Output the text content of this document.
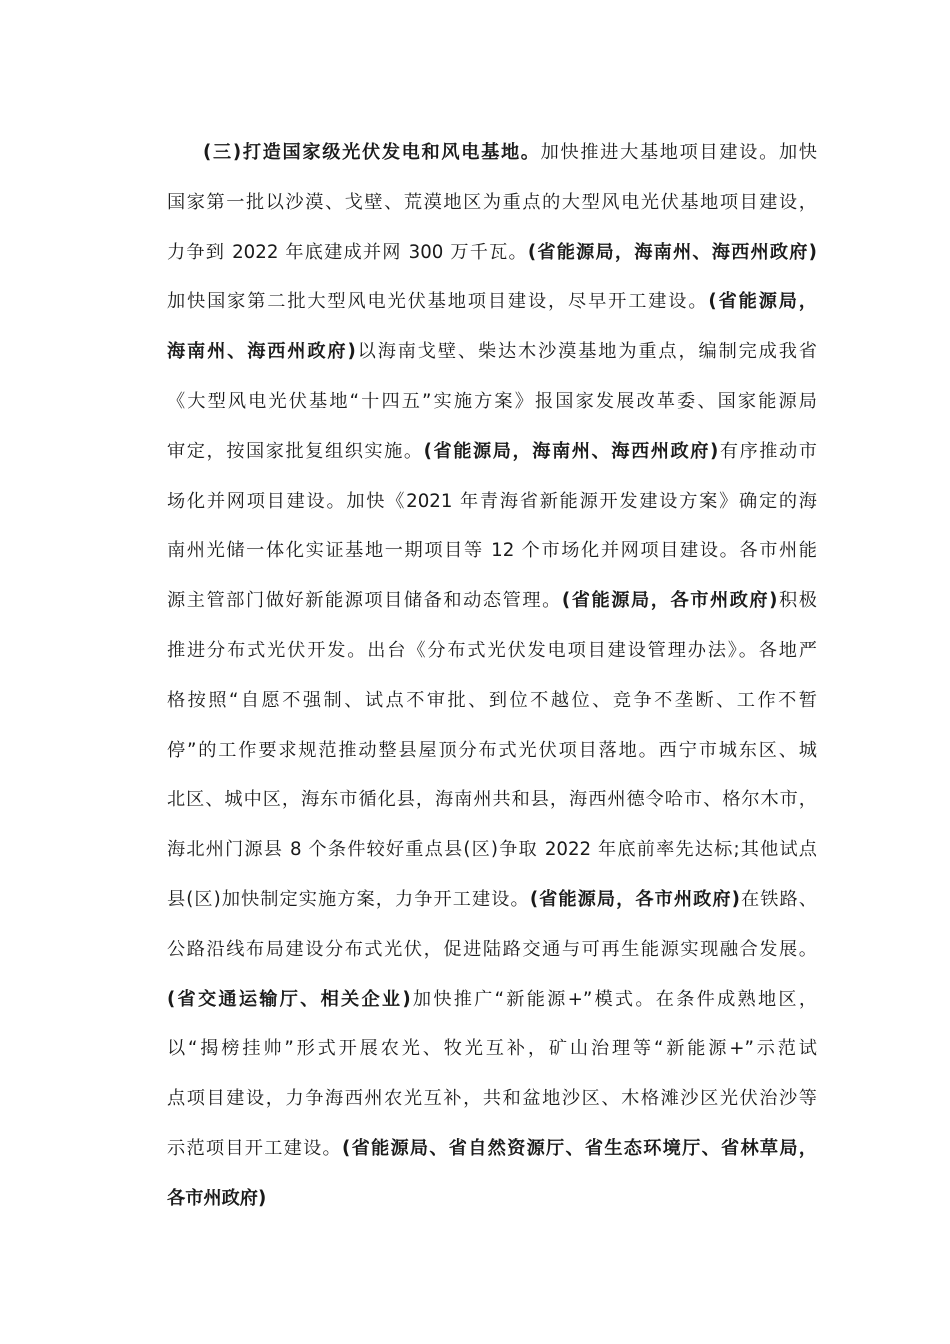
(三)打造国家级光伏发电和风电基地。加快推进大基地项目建设。加快
国家第一批以沙漠、戈壁、荒漠地区为重点的大型风电光伏基地项目建设，
力争到 2022 年底建成并网 300 万千瓦。(省能源局，海南州、海西州政府)
加快国家第二批大型风电光伏基地项目建设，尽早开工建设。(省能源局，
海南州、海西州政府)以海南戈壁、柴达木沙漠基地为重点，编制完成我省
《大型风电光伏基地“十四五”实施方案》报国家发展改革委、国家能源局
审定，按国家批复组织实施。(省能源局，海南州、海西州政府)有序推动市
场化并网项目建设。加快《2021 年青海省新能源开发建设方案》确定的海
南州光储一体化实证基地一期项目等 12 个市场化并网项目建设。各市州能
源主管部门做好新能源项目储备和动态管理。(省能源局，各市州政府)积极
推进分布式光伏开发。出台《分布式光伏发电项目建设管理办法》。各地严
格按照“自愿不强制、试点不审批、到位不越位、竞争不垄断、工作不暂
停”的工作要求规范推动整县屋顶分布式光伏项目落地。西宁市城东区、城
北区、城中区，海东市循化县，海南州共和县，海西州德令哈市、格尔木市，
海北州门源县 8 个条件较好重点县(区)争取 2022 年底前率先达标;其他试点
县(区)加快制定实施方案，力争开工建设。(省能源局，各市州政府)在铁路、
公路沿线布局建设分布式光伏，促进陆路交通与可再生能源实现融合发展。
(省交通运输厅、相关企业)加快推广“新能源+”模式。在条件成熟地区，
以“揭榜挂帅”形式开展农光、牧光互补，矿山治理等“新能源+”示范试
点项目建设，力争海西州农光互补，共和盆地沙区、木格滩沙区光伏治沙等
示范项目开工建设。(省能源局、省自然资源厅、省生态环境厅、省林草局，
各市州政府)
